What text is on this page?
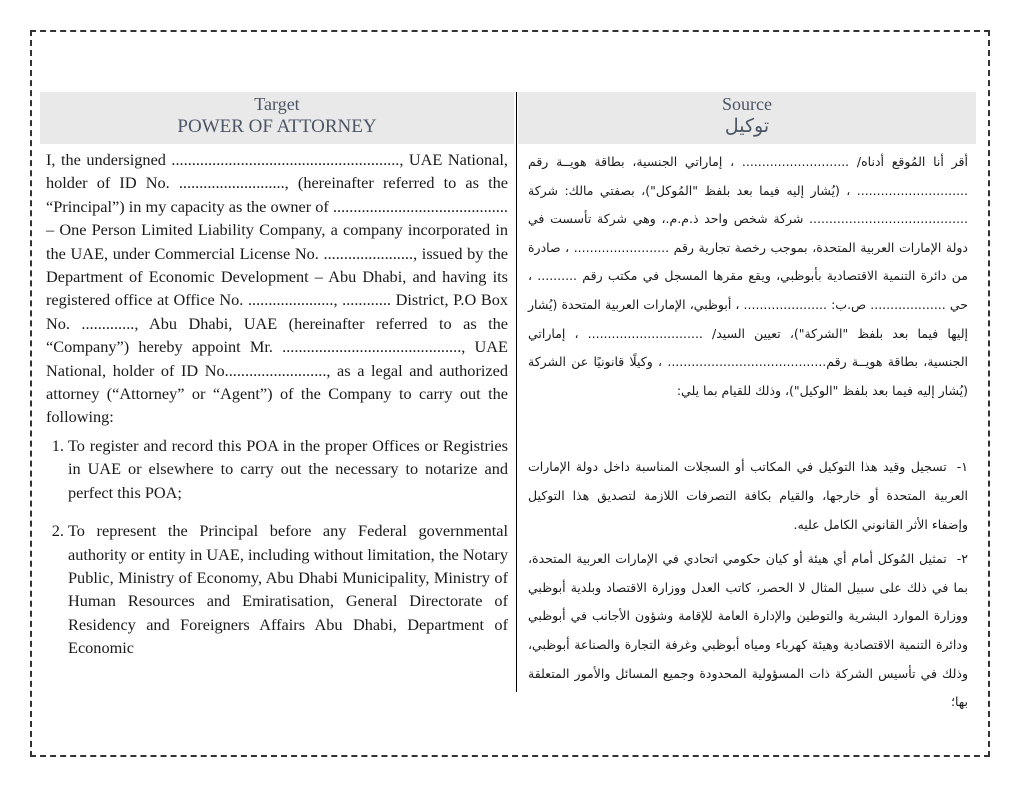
Target
POWER OF ATTORNEY
Source
توكيل

I, the undersigned ........................................................, UAE National, holder of ID No. .........................., (hereinafter referred to as the “Principal”) in my capacity as the owner of ........................................... – One Person Limited Liability Company, a company incorporated in the UAE, under Commercial License No. ......................, issued by the Department of Economic Development – Abu Dhabi, and having its registered office at Office No. ....................., ............ District, P.O Box No. ............., Abu Dhabi, UAE (hereinafter referred to as the “Company”) hereby appoint Mr. ............................................, UAE National, holder of ID No........................., as a legal and authorized attorney (“Attorney” or “Agent”) of the Company to carry out the following:

1. To register and record this POA in the proper Offices or Registries in UAE or elsewhere to carry out the necessary to notarize and perfect this POA;
2. To represent the Principal before any Federal governmental authority or entity in UAE, including without limitation, the Notary Public, Ministry of Economy, Abu Dhabi Municipality, Ministry of Human Resources and Emiratisation, General Directorate of Residency and Foreigners Affairs Abu Dhabi, Department of Economic

أقر أنا المُوقع أدناه/ ........................... ، إماراتي الجنسية، بطاقة هويــة رقم ............................ ، (يُشار إليه فيما بعد بلفظ "المُوكل")، بصفتي مالك: شركة ........................................ شركة شخص واحد ذ.م.م.، وهي شركة تأسست في دولة الإمارات العربية المتحدة، بموجب رخصة تجارية رقم ........................ ، صادرة من دائرة التنمية الاقتصادية بأبوظبي، ويقع مقرها المسجل في مكتب رقم .......... ، حي ................... ص.ب: ..................... ، أبوظبي، الإمارات العربية المتحدة (يُشار إليها فيما بعد بلفظ "الشركة")، تعيين السيد/ ............................. ، إماراتي الجنسية، بطاقة هويــة رقم........................................ ، وكيلًا قانونيًا عن الشركة (يُشار إليه فيما بعد بلفظ "الوكيل")، وذلك للقيام بما يلي:

١-تسجيل وقيد هذا التوكيل في المكاتب أو السجلات المناسبة داخل دولة الإمارات العربية المتحدة أو خارجها، والقيام بكافة التصرفات اللازمة لتصديق هذا التوكيل وإضفاء الأثر القانوني الكامل عليه.

٢-تمثيل المُوكل أمام أي هيئة أو كيان حكومي اتحادي في الإمارات العربية المتحدة، بما في ذلك على سبيل المثال لا الحصر، كاتب العدل ووزارة الاقتصاد وبلدية أبوظبي ووزارة الموارد البشرية والتوطين والإدارة العامة للإقامة وشؤون الأجانب في أبوظبي ودائرة التنمية الاقتصادية وهيئة كهرباء ومياه أبوظبي وغرفة التجارة والصناعة أبوظبي، وذلك في تأسيس الشركة ذات المسؤولية المحدودة وجميع المسائل والأمور المتعلقة بها؛
